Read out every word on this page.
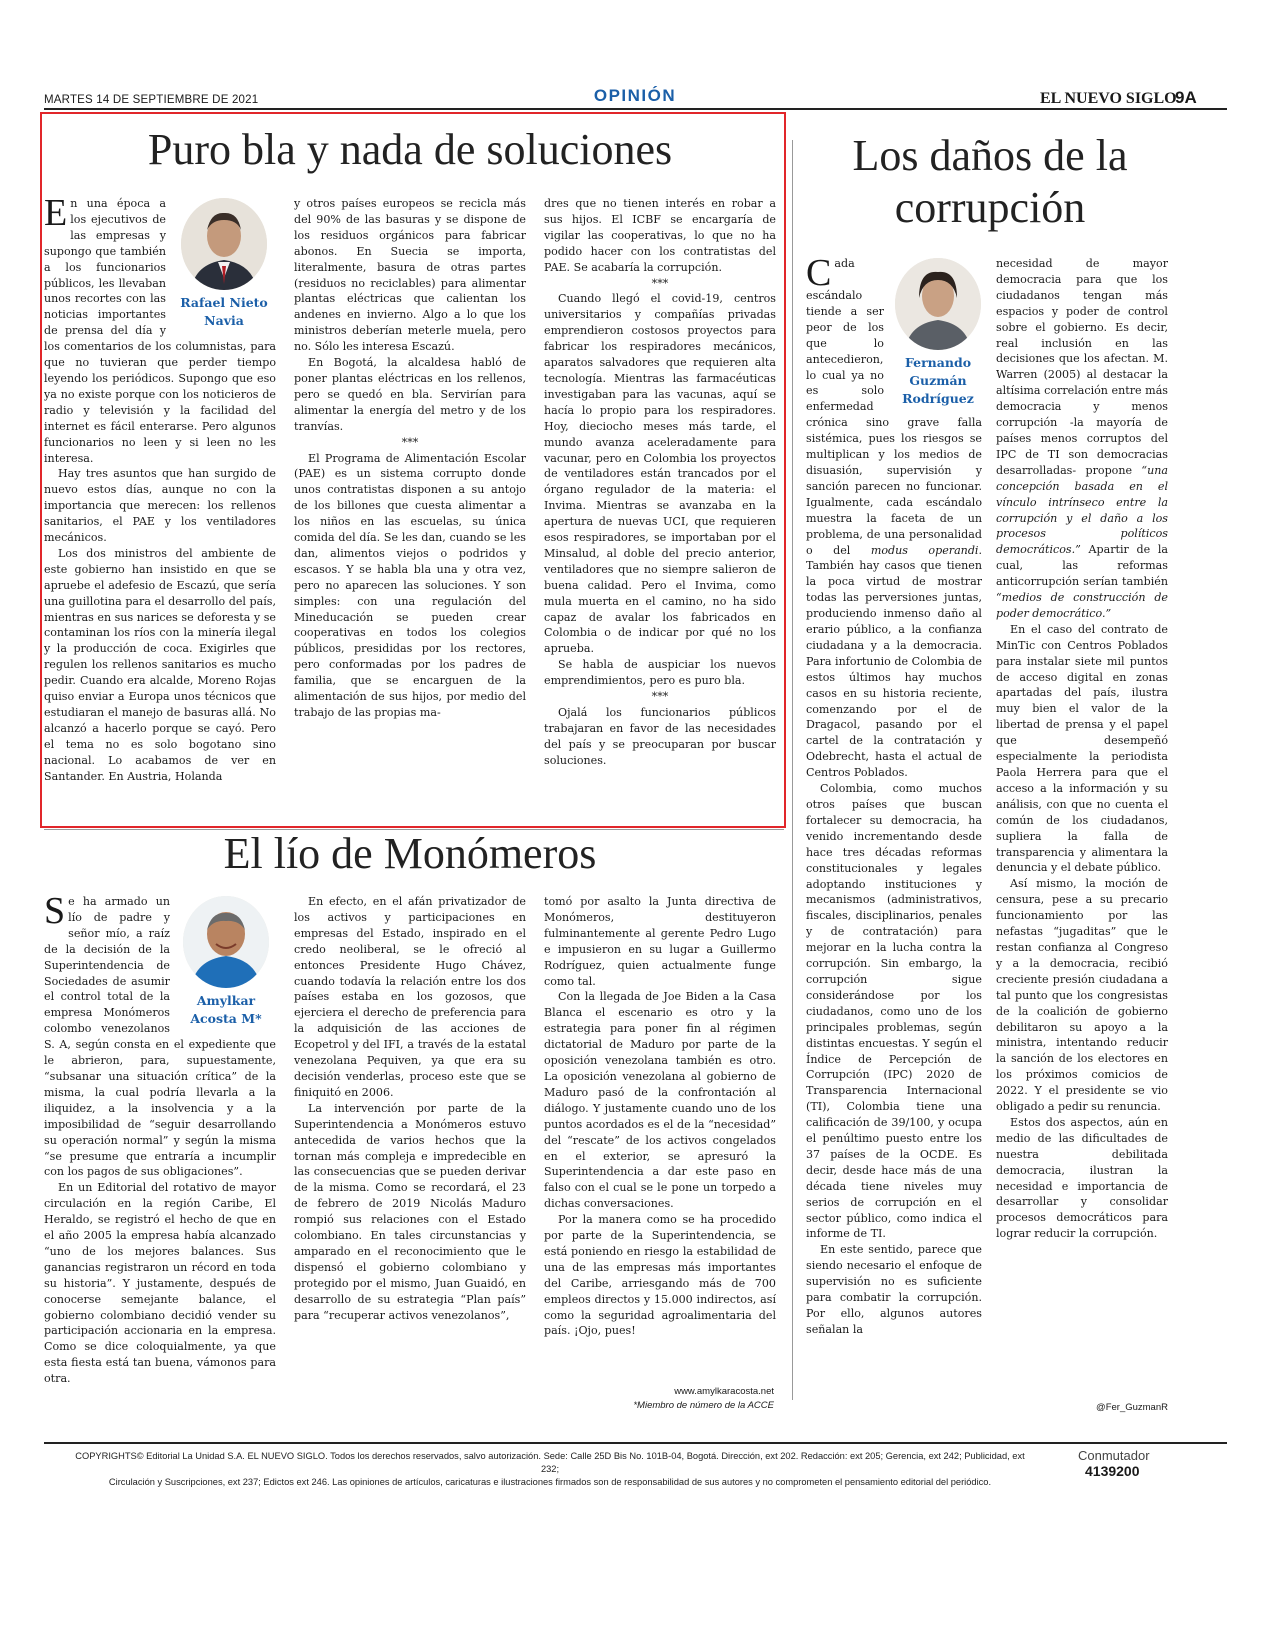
MARTES 14 DE SEPTIEMBRE DE 2021	OPINIÓN	EL NUEVO SIGLO
9A
Puro bla y nada de soluciones
Rafael Nieto
Navia

En una época a los ejecutivos de las empresas y supongo que también a los funcionarios públicos, les llevaban unos recortes con las noticias importantes de prensa del día y los comentarios de los columnistas, para que no tuvieran que perder tiempo leyendo los periódicos. Supongo que eso ya no existe porque con los noticieros de radio y televisión y la facilidad del internet es fácil enterarse. Pero algunos funcionarios no leen y si leen no les interesa.

Hay tres asuntos que han surgido de nuevo estos días, aunque no con la importancia que merecen: los rellenos sanitarios, el PAE y los ventiladores mecánicos.

Los dos ministros del ambiente de este gobierno han insistido en que se apruebe el adefesio de Escazú, que sería una guillotina para el desarrollo del país, mientras en sus narices se deforesta y se contaminan los ríos con la minería ilegal y la producción de coca. Exigirles que regulen los rellenos sanitarios es mucho pedir. Cuando era alcalde, Moreno Rojas quiso enviar a Europa unos técnicos que estudiaran el manejo de basuras allá. No alcanzó a hacerlo porque se cayó. Pero el tema no es solo bogotano sino nacional. Lo acabamos de ver en Santander. En Austria, Holanda

y otros países europeos se recicla más del 90% de las basuras y se dispone de los residuos orgánicos para fabricar abonos. En Suecia se importa, literalmente, basura de otras partes (residuos no reciclables) para alimentar plantas eléctricas que calientan los andenes en invierno. Algo a lo que los ministros deberían meterle muela, pero no. Sólo les interesa Escazú.

En Bogotá, la alcaldesa habló de poner plantas eléctricas en los rellenos, pero se quedó en bla. Servirían para alimentar la energía del metro y de los tranvías.

***

El Programa de Alimentación Escolar (PAE) es un sistema corrupto donde unos contratistas disponen a su antojo de los billones que cuesta alimentar a los niños en las escuelas, su única comida del día. Se les dan, cuando se les dan, alimentos viejos o podridos y escasos. Y se habla bla una y otra vez, pero no aparecen las soluciones. Y son simples: con una regulación del Mineducación se pueden crear cooperativas en todos los colegios públicos, presididas por los rectores, pero conformadas por los padres de familia, que se encarguen de la alimentación de sus hijos, por medio del trabajo de las propias ma-

dres que no tienen interés en robar a sus hijos. El ICBF se encargaría de vigilar las cooperativas, lo que no ha podido hacer con los contratistas del PAE. Se acabaría la corrupción.

***

Cuando llegó el covid-19, centros universitarios y compañías privadas emprendieron costosos proyectos para fabricar los respiradores mecánicos, aparatos salvadores que requieren alta tecnología. Mientras las farmacéuticas investigaban para las vacunas, aquí se hacía lo propio para los respiradores. Hoy, dieciocho meses más tarde, el mundo avanza aceleradamente para vacunar, pero en Colombia los proyectos de ventiladores están trancados por el órgano regulador de la materia: el Invima. Mientras se avanzaba en la apertura de nuevas UCI, que requieren esos respiradores, se importaban por el Minsalud, al doble del precio anterior, ventiladores que no siempre salieron de buena calidad. Pero el Invima, como mula muerta en el camino, no ha sido capaz de avalar los fabricados en Colombia o de indicar por qué no los aprueba.

Se habla de auspiciar los nuevos emprendimientos, pero es puro bla.

***

Ojalá los funcionarios públicos trabajaran en favor de las necesidades del país y se preocuparan por buscar soluciones.

Los daños de la corrupción
Fernando
Guzmán
Rodríguez

Cada escándalo tiende a ser peor de los que lo antecedieron, lo cual ya no es solo enfermedad crónica sino grave falla sistémica, pues los riesgos se multiplican y los medios de disuasión, supervisión y sanción parecen no funcionar. Igualmente, cada escándalo muestra la faceta de un problema, de una personalidad o del modus operandi. También hay casos que tienen la poca virtud de mostrar todas las perversiones juntas, produciendo inmenso daño al erario público, a la confianza ciudadana y a la democracia. Para infortunio de Colombia de estos últimos hay muchos casos en su historia reciente, comenzando por el de Dragacol, pasando por el cartel de la contratación y Odebrecht, hasta el actual de Centros Poblados.

Colombia, como muchos otros países que buscan fortalecer su democracia, ha venido incrementando desde hace tres décadas reformas constitucionales y legales adoptando instituciones y mecanismos (administrativos, fiscales, disciplinarios, penales y de contratación) para mejorar en la lucha contra la corrupción. Sin embargo, la corrupción sigue considerándose por los ciudadanos, como uno de los principales problemas, según distintas encuestas. Y según el Índice de Percepción de Corrupción (IPC) 2020 de Transparencia Internacional (TI), Colombia tiene una calificación de 39/100, y ocupa el penúltimo puesto entre los 37 países de la OCDE. Es decir, desde hace más de una década tiene niveles muy serios de corrupción en el sector público, como indica el informe de TI.

En este sentido, parece que siendo necesario el enfoque de supervisión no es suficiente para combatir la corrupción. Por ello, algunos autores señalan la

necesidad de mayor democracia para que los ciudadanos tengan más espacios y poder de control sobre el gobierno. Es decir, real inclusión en las decisiones que los afectan. M. Warren (2005) al destacar la altísima correlación entre más democracia y menos corrupción -la mayoría de países menos corruptos del IPC de TI son democracias desarrolladas- propone “una concepción basada en el vínculo intrínseco entre la corrupción y el daño a los procesos políticos democráticos.” Apartir de la cual, las reformas anticorrupción serían también “medios de construcción de poder democrático.”

En el caso del contrato de MinTic con Centros Poblados para instalar siete mil puntos de acceso digital en zonas apartadas del país, ilustra muy bien el valor de la libertad de prensa y el papel que desempeñó especialmente la periodista Paola Herrera para que el acceso a la información y su análisis, con que no cuenta el común de los ciudadanos, supliera la falla de transparencia y alimentara la denuncia y el debate público.

Así mismo, la moción de censura, pese a su precario funcionamiento por las nefastas “jugaditas” que le restan confianza al Congreso y a la democracia, recibió creciente presión ciudadana a tal punto que los congresistas de la coalición de gobierno debilitaron su apoyo a la ministra, intentando reducir la sanción de los electores en los próximos comicios de 2022. Y el presidente se vio obligado a pedir su renuncia.

Estos dos aspectos, aún en medio de las dificultades de nuestra debilitada democracia, ilustran la necesidad e importancia de desarrollar y consolidar procesos democráticos para lograr reducir la corrupción.

@Fer_GuzmanR
El lío de Monómeros
Amylkar
Acosta M*

Se ha armado un lío de padre y señor mío, a raíz de la decisión de la Superintendencia de Sociedades de asumir el control total de la empresa Monómeros colombo venezolanos S. A, según consta en el expediente que le abrieron, para, supuestamente, “subsanar una situación crítica” de la misma, la cual podría llevarla a la iliquidez, a la insolvencia y a la imposibilidad de “seguir desarrollando su operación normal” y según la misma “se presume que entraría a incumplir con los pagos de sus obligaciones”.

En un Editorial del rotativo de mayor circulación en la región Caribe, El Heraldo, se registró el hecho de que en el año 2005 la empresa había alcanzado “uno de los mejores balances. Sus ganancias registraron un récord en toda su historia”. Y justamente, después de conocerse semejante balance, el gobierno colombiano decidió vender su participación accionaria en la empresa. Como se dice coloquialmente, ya que esta fiesta está tan buena, vámonos para otra.

En efecto, en el afán privatizador de los activos y participaciones en empresas del Estado, inspirado en el credo neoliberal, se le ofreció al entonces Presidente Hugo Chávez, cuando todavía la relación entre los dos países estaba en los gozosos, que ejerciera el derecho de preferencia para la adquisición de las acciones de Ecopetrol y del IFI, a través de la estatal venezolana Pequiven, ya que era su decisión venderlas, proceso este que se finiquitó en 2006.

La intervención por parte de la Superintendencia a Monómeros estuvo antecedida de varios hechos que la tornan más compleja e impredecible en las consecuencias que se pueden derivar de la misma. Como se recordará, el 23 de febrero de 2019 Nicolás Maduro rompió sus relaciones con el Estado colombiano. En tales circunstancias y amparado en el reconocimiento que le dispensó el gobierno colombiano y protegido por el mismo, Juan Guaidó, en desarrollo de su estrategia “Plan país” para “recuperar activos venezolanos”,

tomó por asalto la Junta directiva de Monómeros, destituyeron fulminantemente al gerente Pedro Lugo e impusieron en su lugar a Guillermo Rodríguez, quien actualmente funge como tal.

Con la llegada de Joe Biden a la Casa Blanca el escenario es otro y la estrategia para poner fin al régimen dictatorial de Maduro por parte de la oposición venezolana también es otro. La oposición venezolana al gobierno de Maduro pasó de la confrontación al diálogo. Y justamente cuando uno de los puntos acordados es el de la “necesidad” del “rescate” de los activos congelados en el exterior, se apresuró la Superintendencia a dar este paso en falso con el cual se le pone un torpedo a dichas conversaciones.

Por la manera como se ha procedido por parte de la Superintendencia, se está poniendo en riesgo la estabilidad de una de las empresas más importantes del Caribe, arriesgando más de 700 empleos directos y 15.000 indirectos, así como la seguridad agroalimentaria del país. ¡Ojo, pues!

www.amylkaracosta.net
*Miembro de número de la ACCE
COPYRIGHTS© Editorial La Unidad S.A. EL NUEVO SIGLO. Todos los derechos reservados, salvo autorización. Sede: Calle 25D Bis No. 101B-04, Bogotá. Dirección, ext 202. Redacción: ext 205; Gerencia, ext 242; Publicidad, ext 232;
Circulación y Suscripciones, ext 237; Edictos ext 246. Las opiniones de artículos, caricaturas e ilustraciones firmados son de responsabilidad de sus autores y no comprometen el pensamiento editorial del periódico.
Conmutador
4139200
